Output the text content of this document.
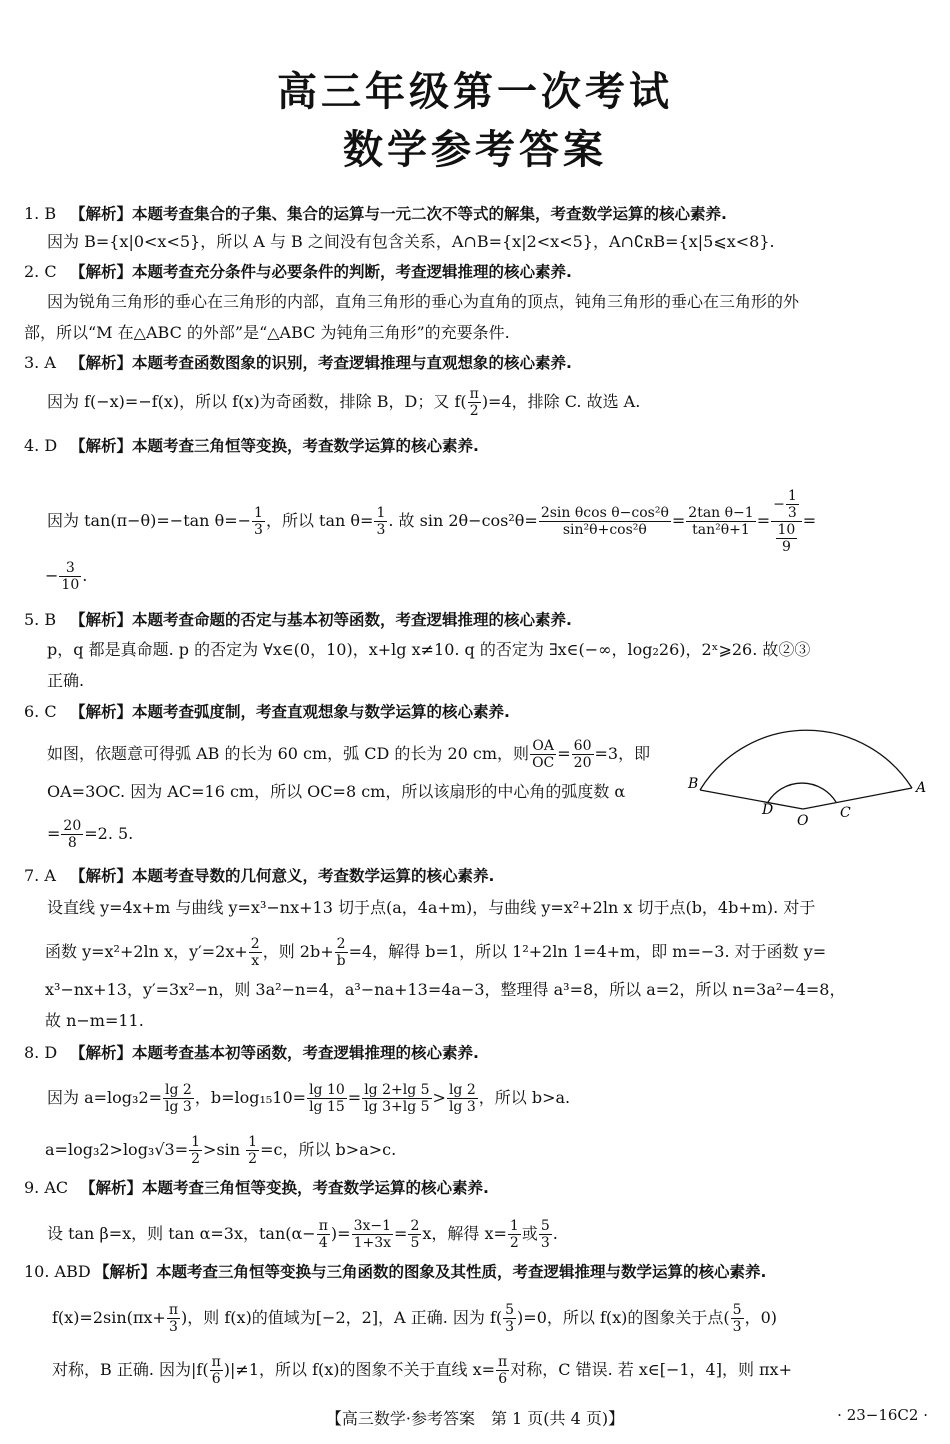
高三年级第一次考试
数学参考答案
1. B 【解析】本题考查集合的子集、集合的运算与一元二次不等式的解集，考查数学运算的核心素养.
因为 B={x|0<x<5}，所以 A 与 B 之间没有包含关系，A∩B={x|2<x<5}，A∩∁ʀB={x|5⩽x<8}.
2. C 【解析】本题考查充分条件与必要条件的判断，考查逻辑推理的核心素养.
因为锐角三角形的垂心在三角形的内部，直角三角形的垂心为直角的顶点，钝角三角形的垂心在三角形的外
部，所以“M 在△ABC 的外部”是“△ABC 为钝角三角形”的充要条件.
3. A 【解析】本题考查函数图象的识别，考查逻辑推理与直观想象的核心素养.
因为 f(−x)=−f(x)，所以 f(x)为奇函数，排除 B，D；又 $f( \frac{\pi}{2} )=4$，排除 C. 故选 A.
4. D 【解析】本题考查三角恒等变换，考查数学运算的核心素养.
因为 tan(π−θ)=−tan $\theta=- \frac{1}{3}$ ，所以 $\tan \theta= \frac{1}{3}$ . 故 $\sin 2\theta-\cos^2\theta= \frac{\text{2sin θcos θ−cos²θ}}{\text{sin²θ+cos²θ}} = \frac{\text{2tan θ−1}}{\text{tan²θ+1}} = \frac{- \frac{1}{3}}{\frac{10}{9}}$ =
− $\frac{3}{10}$ .
5. B 【解析】本题考查命题的否定与基本初等函数，考查逻辑推理的核心素养.
p，q 都是真命题. p 的否定为 ∀x∈(0，10)，x+lg x≠10. q 的否定为 ∃x∈(−∞，log₂26)，2ˣ⩾26. 故②③
正确.
6. C 【解析】本题考查弧度制，考查直观想象与数学运算的核心素养.
如图，依题意可得弧 AB 的长为 60 cm，弧 CD 的长为 20 cm，则 $\frac{OA}{OC} = \frac{60}{20} =3$，即
OA=3OC. 因为 AC=16 cm，所以 OC=8 cm，所以该扇形的中心角的弧度数 α
= $\frac{20}{8} =2$. 5.
B	A
D	C
O
7. A 【解析】本题考查导数的几何意义，考查数学运算的核心素养.
设直线 y=4x+m 与曲线 y=x³−nx+13 切于点(a，4a+m)，与曲线 y=x²+2ln x 切于点(b，4b+m). 对于
函数 y=x²+2ln x，$y'=2x+ \frac{2}{x}$ ，则 $2b+ \frac{2}{b} =4$，解得 b=1，所以 1²+2ln 1=4+m，即 m=−3. 对于函数 y=
x³−nx+13，y′=3x²−n，则 3a²−n=4，a³−na+13=4a−3，整理得 a³=8，所以 a=2，所以 n=3a²−4=8，
故 n−m=11.
8. D 【解析】本题考查基本初等函数，考查逻辑推理的核心素养.
因为 $a=\log_32= \frac{\lg 2}{\lg 3}$ ，$b=\log_{15}10= \frac{\lg 10}{\lg 15} = \frac{\lg 2+\lg 5}{\lg 3+\lg 5} > \frac{\lg 2}{\lg 3}$ ，所以 b>a.
$a=\log_32>\log_3√3= \frac{1}{2} >\sin \frac{1}{2} =c$，所以 b>a>c.
9. AC 【解析】本题考查三角恒等变换，考查数学运算的核心素养.
设 tan β=x，则 tan α=3x，$\tan(\alpha- \frac{\pi}{4}$ )= $\frac{3x-1}{1+3x} = \frac{2}{5}$ x，解得 $x= \frac{1}{2}$ 或 $\frac{5}{3}$ .
10. ABD 【解析】本题考查三角恒等变换与三角函数的图象及其性质，考查逻辑推理与数学运算的核心素养.
$f(x)=2\sin(\pi x+ \frac{\pi}{3}$ )，则 f(x)的值域为[−2，2]，A 正确. 因为 $f( \frac{5}{3} )=0$，所以 f(x)的图象关于点( $\frac{5}{3}$ ，0)
对称，B 正确. 因为$|f( \frac{\pi}{6} )|\ne 1$，所以 f(x)的图象不关于直线 $x= \frac{\pi}{6}$ 对称，C 错误. 若 x∈[−1，4]，则 πx+
【高三数学·参考答案　第 1 页(共 4 页)】	· 23−16C2 ·
